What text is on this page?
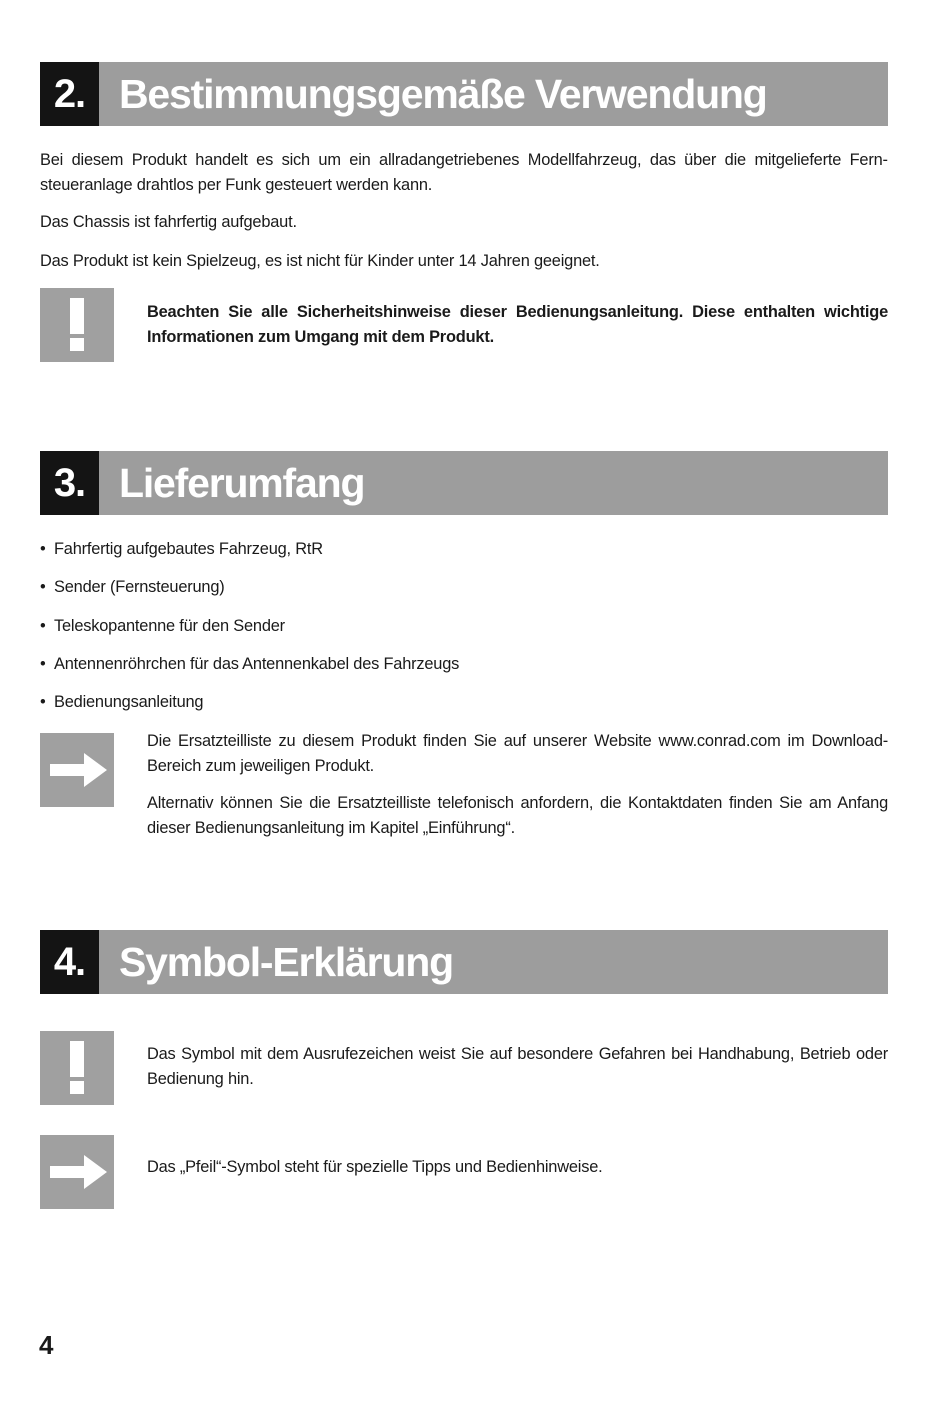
2. Bestimmungsgemäße Verwendung
Bei diesem Produkt handelt es sich um ein allradangetriebenes Modellfahrzeug, das über die mitgelieferte Fernsteueranlage drahtlos per Funk gesteuert werden kann.
Das Chassis ist fahrfertig aufgebaut.
Das Produkt ist kein Spielzeug, es ist nicht für Kinder unter 14 Jahren geeignet.
Beachten Sie alle Sicherheitshinweise dieser Bedienungsanleitung. Diese enthalten wichtige Informationen zum Umgang mit dem Produkt.
3. Lieferumfang
• Fahrfertig aufgebautes Fahrzeug, RtR
• Sender (Fernsteuerung)
• Teleskopantenne für den Sender
• Antennenröhrchen für das Antennenkabel des Fahrzeugs
• Bedienungsanleitung
Die Ersatzteilliste zu diesem Produkt finden Sie auf unserer Website www.conrad.com im Download-Bereich zum jeweiligen Produkt.
Alternativ können Sie die Ersatzteilliste telefonisch anfordern, die Kontaktdaten finden Sie am Anfang dieser Bedienungsanleitung im Kapitel „Einführung“.
4. Symbol-Erklärung
Das Symbol mit dem Ausrufezeichen weist Sie auf besondere Gefahren bei Handhabung, Betrieb oder Bedienung hin.
Das „Pfeil“-Symbol steht für spezielle Tipps und Bedienhinweise.
4
